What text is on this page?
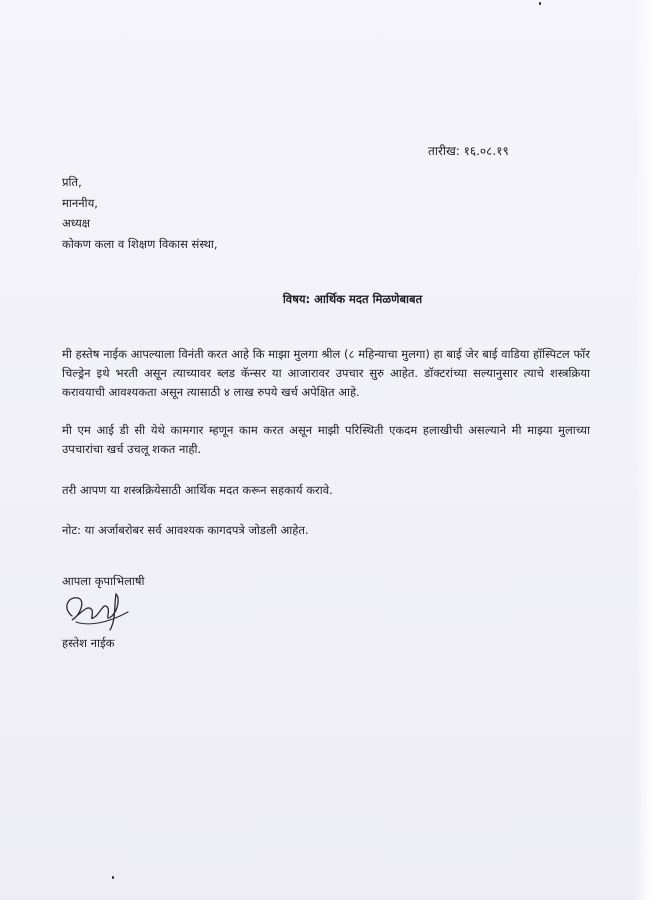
तारीख: १६.०८.१९
प्रति,
माननीय,
अध्यक्ष
कोकण कला व शिक्षण विकास संस्था,
विषय: आर्थिक मदत मिळणेबाबत

मी हस्तेष नाईक आपल्याला विनंती करत आहे कि माझा मुलगा श्रील (८ महिन्याचा मुलगा) हा बाई जेर बाई वाडिया हॉस्पिटल फॉर चिल्ड्रेन इथे भरती असून त्याच्यावर ब्लड कॅन्सर या आजारावर उपचार सुरु आहेत. डॉक्टरांच्या सल्यानुसार त्याचे शस्त्रक्रिया करावयाची आवश्यकता असून त्यासाठी ४ लाख रुपये खर्च अपेक्षित आहे.

मी एम आई डी सी येथे कामगार म्हणून काम करत असून माझी परिस्थिती एकदम हलाखीची असल्याने मी माझ्या मुलाच्या उपचारांचा खर्च उचलू शकत नाही.

तरी आपण या शस्त्रक्रियेसाठी आर्थिक मदत करून सहकार्य करावे.

नोट: या अर्जाबरोबर सर्व आवश्यक कागदपत्रे जोडली आहेत.

आपला कृपाभिलाषी
हस्तेश नाईक
